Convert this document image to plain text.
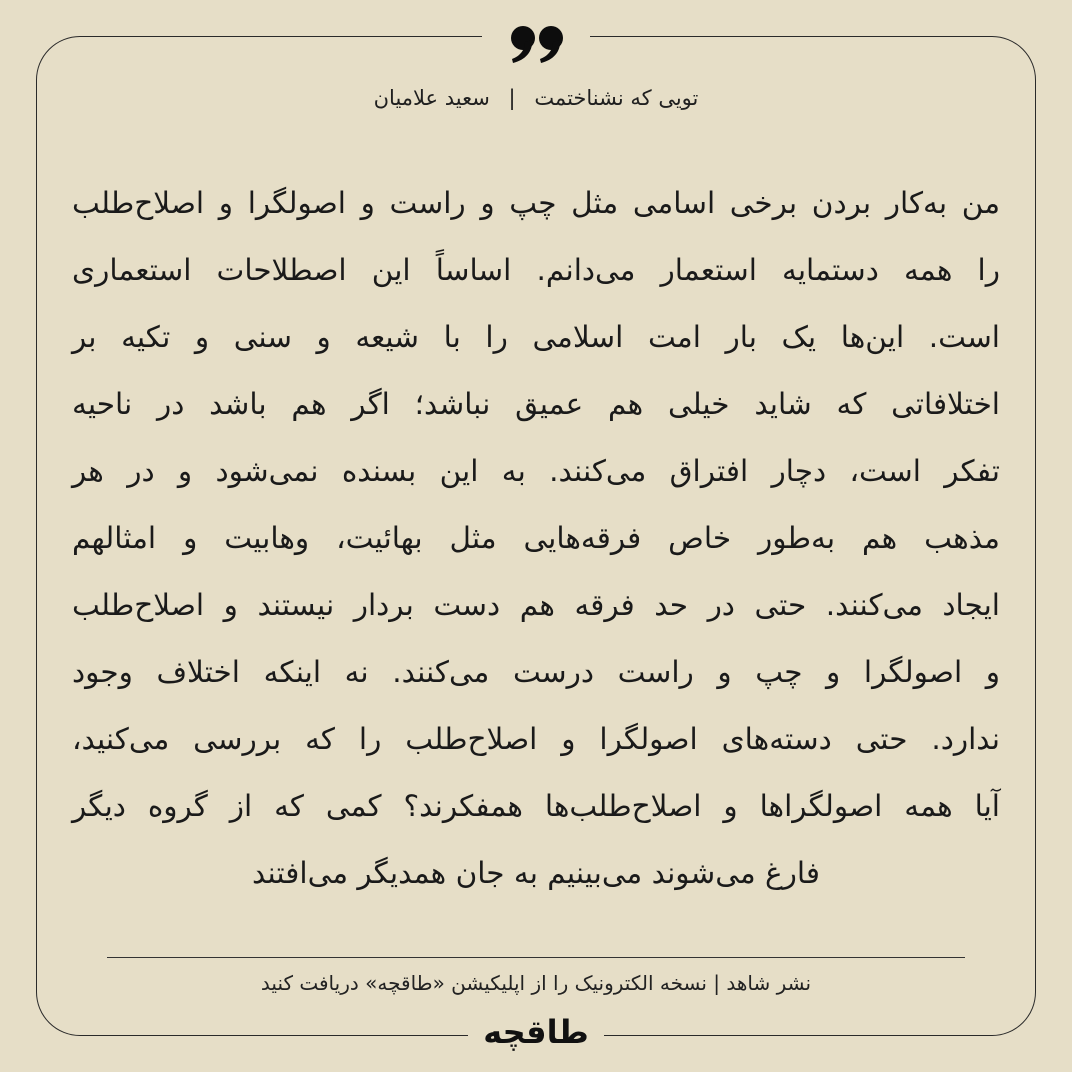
تویی که نشناختمت | سعید علامیان
من به‌کار بردن برخی اسامی مثل چپ و راست و اصولگرا و اصلاح‌طلب
را همه دستمایه استعمار می‌دانم. اساساً این اصطلاحات استعماری
است. این‌ها یک بار امت اسلامی را با شیعه و سنی و تکیه بر
اختلافاتی که شاید خیلی هم عمیق نباشد؛ اگر هم باشد در ناحیه
تفکر است، دچار افتراق می‌کنند. به این بسنده نمی‌شود و در هر
مذهب هم به‌طور خاص فرقه‌هایی مثل بهائیت، وهابیت و امثالهم
ایجاد می‌کنند. حتی در حد فرقه هم دست بردار نیستند و اصلاح‌طلب
و اصولگرا و چپ و راست درست می‌کنند. نه اینکه اختلاف وجود
ندارد. حتی دسته‌های اصولگرا و اصلاح‌طلب را که بررسی می‌کنید،
آیا همه اصولگراها و اصلاح‌طلب‌ها همفکرند؟ کمی که از گروه دیگر
فارغ می‌شوند می‌بینیم به جان همدیگر می‌افتند
نشر شاهد | نسخه الکترونیک را از اپلیکیشن «طاقچه» دریافت کنید
طاقچه
